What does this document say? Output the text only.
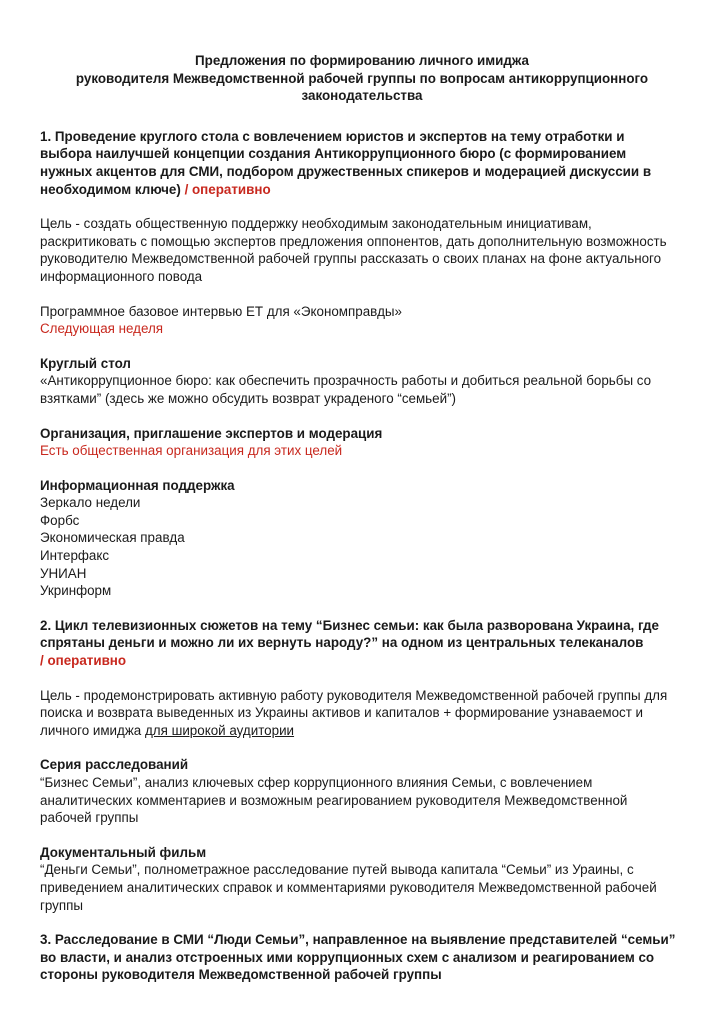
Предложения по формированию личного имиджа
руководителя Межведомственной рабочей группы по вопросам антикоррупционного
законодательства

1. Проведение круглого стола с вовлечением юристов и экспертов на тему отработки и
выбора наилучшей концепции создания Антикоррупционного бюро (с формированием
нужных акцентов для СМИ, подбором дружественных спикеров и модерацией дискуссии в
необходимом ключе) / оперативно

Цель - создать общественную поддержку необходимым законодательным инициативам,
раскритиковать с помощью экспертов предложения оппонентов, дать дополнительную возможность
руководителю Межведомственной рабочей группы рассказать о своих планах на фоне актуального
информационного повода

Программное базовое интервью ЕТ для «Экономправды»
Следующая неделя

Круглый стол
«Антикоррупционное бюро: как обеспечить прозрачность работы и добиться реальной борьбы со
взятками” (здесь же можно обсудить возврат украденого “семьей”)

Организация, приглашение экспертов и модерация
Есть общественная организация для этих целей

Информационная поддержка
Зеркало недели
Форбс
Экономическая правда
Интерфакс
УНИАН
Укринформ

2. Цикл телевизионных сюжетов на тему “Бизнес семьи: как была разворована Украина, где
спрятаны деньги и можно ли их вернуть народу?” на одном из центральных телеканалов
/ оперативно

Цель - продемонстрировать активную работу руководителя Межведомственной рабочей группы для
поиска и возврата выведенных из Украины активов и капиталов + формирование узнаваемост и
личного имиджа для широкой аудитории

Серия расследований
“Бизнес Семьи”, анализ ключевых сфер коррупционного влияния Семьи, с вовлечением
аналитических комментариев и возможным реагированием руководителя Межведомственной
рабочей группы

Документальный фильм
“Деньги Семьи”, полнометражное расследование путей вывода капитала “Семьи” из Ураины, с
приведением аналитических справок и комментариями руководителя Межведомственной рабочей
группы

3. Расследование в СМИ “Люди Семьи”, направленное на выявление представителей “семьи”
во власти, и анализ отстроенных ими коррупционных схем с анализом и реагированием со
стороны руководителя Межведомственной рабочей группы
